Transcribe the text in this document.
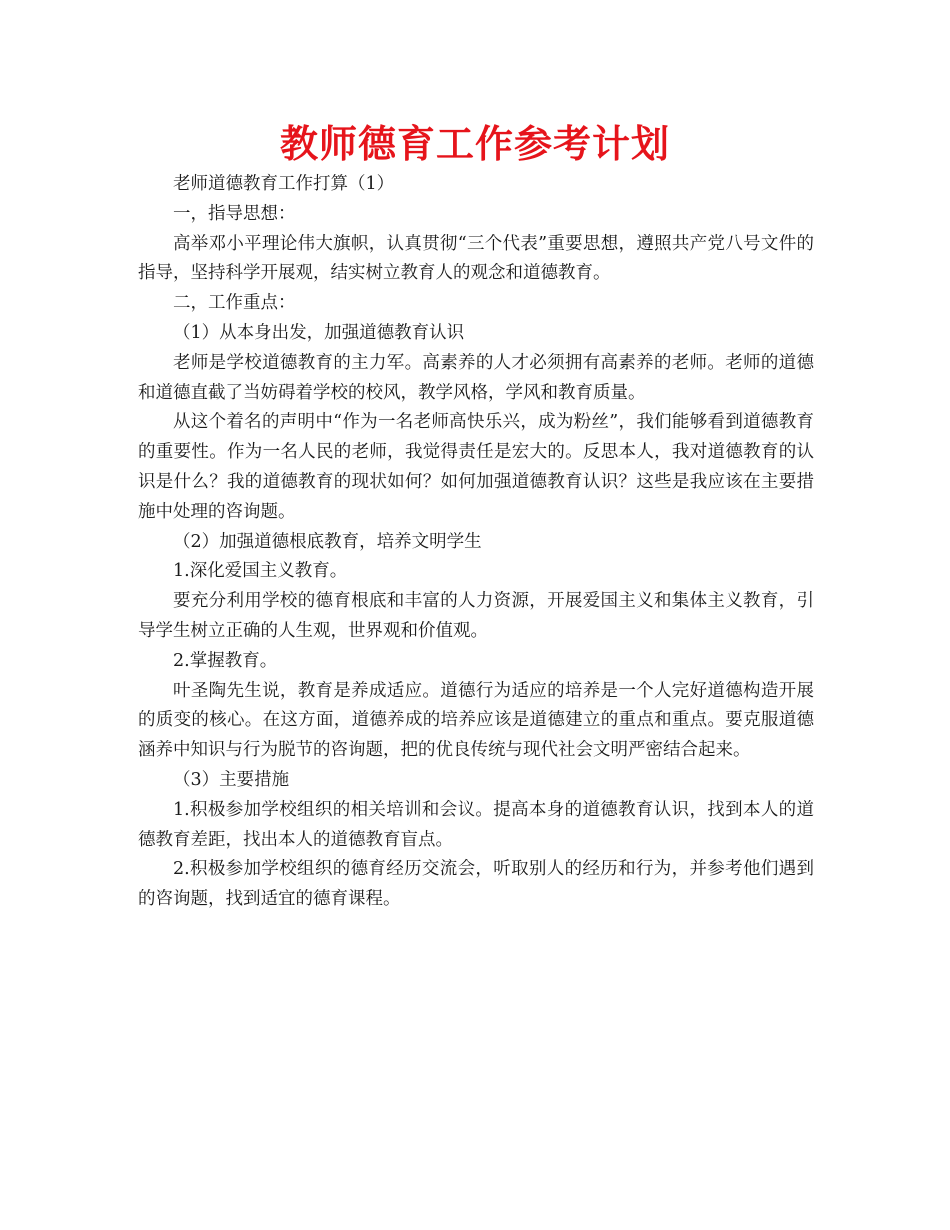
教师德育工作参考计划

老师道德教育工作打算（1）

一，指导思想：

高举邓小平理论伟大旗帜，认真贯彻“三个代表”重要思想，遵照共产党八号文件的指导，坚持科学开展观，结实树立教育人的观念和道德教育。

二，工作重点：

（1）从本身出发，加强道德教育认识

老师是学校道德教育的主力军。高素养的人才必须拥有高素养的老师。老师的道德和道德直截了当妨碍着学校的校风，教学风格，学风和教育质量。

从这个着名的声明中“作为一名老师高快乐兴，成为粉丝”，我们能够看到道德教育的重要性。作为一名人民的老师，我觉得责任是宏大的。反思本人，我对道德教育的认识是什么？我的道德教育的现状如何？如何加强道德教育认识？这些是我应该在主要措施中处理的咨询题。

（2）加强道德根底教育，培养文明学生

1.深化爱国主义教育。

要充分利用学校的德育根底和丰富的人力资源，开展爱国主义和集体主义教育，引导学生树立正确的人生观，世界观和价值观。

2.掌握教育。

叶圣陶先生说，教育是养成适应。道德行为适应的培养是一个人完好道德构造开展的质变的核心。在这方面，道德养成的培养应该是道德建立的重点和重点。要克服道德涵养中知识与行为脱节的咨询题，把的优良传统与现代社会文明严密结合起来。

（3）主要措施

1.积极参加学校组织的相关培训和会议。提高本身的道德教育认识，找到本人的道德教育差距，找出本人的道德教育盲点。

2.积极参加学校组织的德育经历交流会，听取别人的经历和行为，并参考他们遇到的咨询题，找到适宜的德育课程。
